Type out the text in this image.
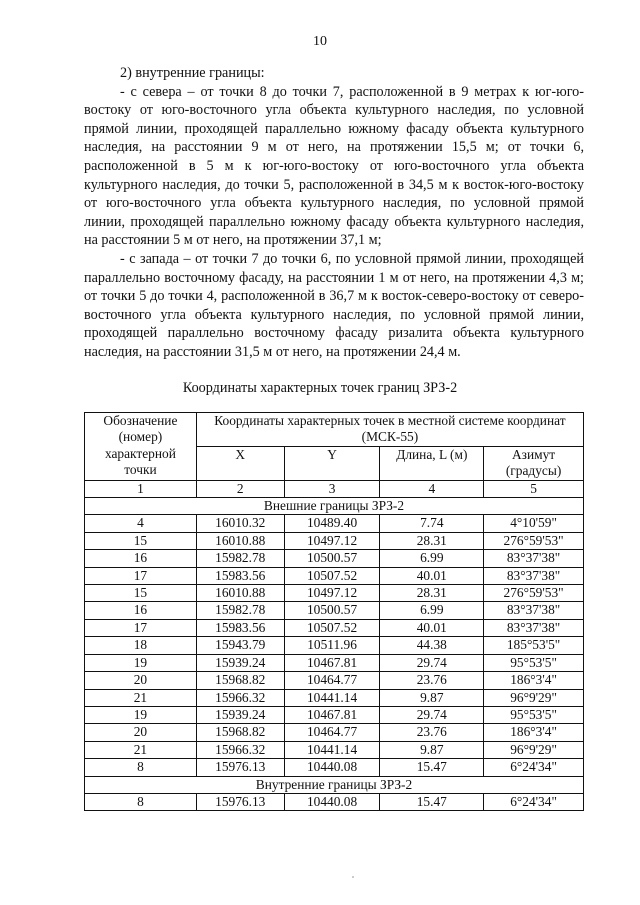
10

2) внутренние границы:

- с севера – от точки 8 до точки 7, расположенной в 9 метрах к юг-юго-востоку от юго-восточного угла объекта культурного наследия, по условной прямой линии, проходящей параллельно южному фасаду объекта культурного наследия, на расстоянии 9 м от него, на протяжении 15,5 м; от точки 6, расположенной в 5 м к юг-юго-востоку от юго-восточного угла объекта культурного наследия, до точки 5, расположенной в 34,5 м к восток-юго-востоку от юго-восточного угла объекта культурного наследия, по условной прямой линии, проходящей параллельно южному фасаду объекта культурного наследия, на расстоянии 5 м от него, на протяжении 37,1 м;

- с запада – от точки 7 до точки 6, по условной прямой линии, проходящей параллельно восточному фасаду, на расстоянии 1 м от него, на протяжении 4,3 м; от точки 5 до точки 4, расположенной в 36,7 м к восток-северо-востоку от северо-восточного угла объекта культурного наследия, по условной прямой линии, проходящей параллельно восточному фасаду ризалита объекта культурного наследия, на расстоянии 31,5 м от него, на протяжении 24,4 м.

Координаты характерных точек границ ЗРЗ-2
Обозначение (номер) характерной точки	Координаты характерных точек в местной системе координат (МСК-55)			
	X	Y	Длина, L (м)	Азимут (градусы)
1	2	3	4	5
Внешние границы ЗРЗ-2				
4	16010.32	10489.40	7.74	4°10'59"
15	16010.88	10497.12	28.31	276°59'53"
16	15982.78	10500.57	6.99	83°37'38"
17	15983.56	10507.52	40.01	83°37'38"
15	16010.88	10497.12	28.31	276°59'53"
16	15982.78	10500.57	6.99	83°37'38"
17	15983.56	10507.52	40.01	83°37'38"
18	15943.79	10511.96	44.38	185°53'5"
19	15939.24	10467.81	29.74	95°53'5"
20	15968.82	10464.77	23.76	186°3'4"
21	15966.32	10441.14	9.87	96°9'29"
19	15939.24	10467.81	29.74	95°53'5"
20	15968.82	10464.77	23.76	186°3'4"
21	15966.32	10441.14	9.87	96°9'29"
8	15976.13	10440.08	15.47	6°24'34"
Внутренние границы ЗРЗ-2				
8	15976.13	10440.08	15.47	6°24'34"
